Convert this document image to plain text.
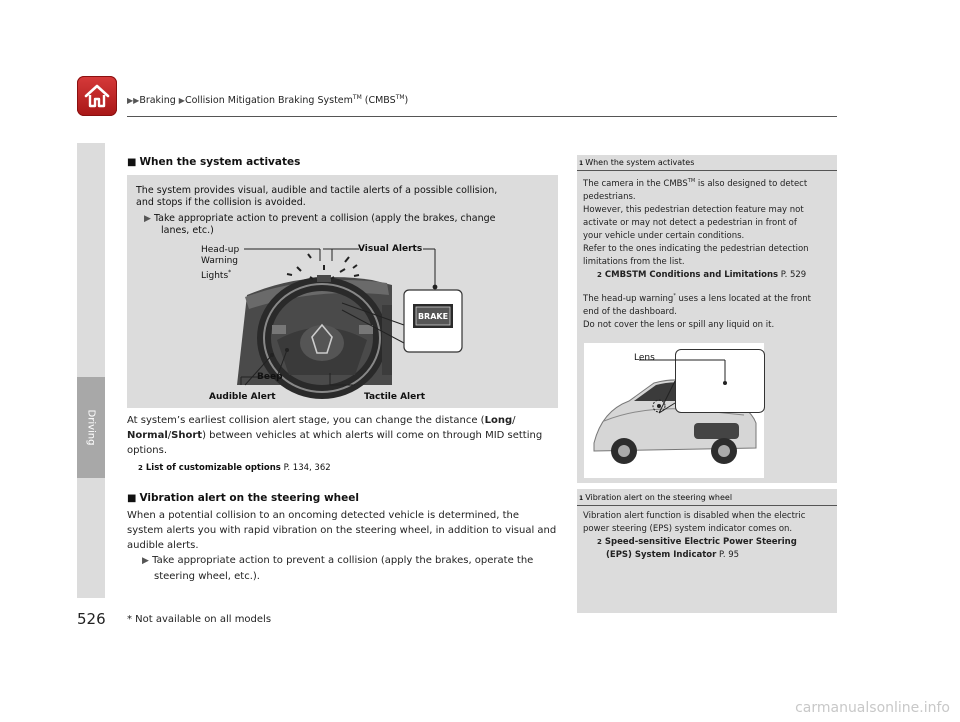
▶▶Braking ▶Collision Mitigation Braking System™ (CMBS™)
Driving
■ When the system activates
The system provides visual, audible and tactile alerts of a possible collision,
and stops if the collision is avoided.
▶ Take appropriate action to prevent a collision (apply the brakes, change
lanes, etc.)
Head-up
Warning
Lights*
Visual Alerts
BRAKE
Beep
Audible Alert	Tactile Alert
At system’s earliest collision alert stage, you can change the distance (Long/
Normal/Short) between vehicles at which alerts will come on through MID setting
options.
2 List of customizable options P. 134, 362
■ Vibration alert on the steering wheel
When a potential collision to an oncoming detected vehicle is determined, the
system alerts you with rapid vibration on the steering wheel, in addition to visual and
audible alerts.
▶ Take appropriate action to prevent a collision (apply the brakes, operate the
steering wheel, etc.).
1 When the system activates
The camera in the CMBS™ is also designed to detect
pedestrians.
However, this pedestrian detection feature may not
activate or may not detect a pedestrian in front of
your vehicle under certain conditions.
Refer to the ones indicating the pedestrian detection
limitations from the list.
2 CMBSTM Conditions and Limitations P. 529
The head-up warning* uses a lens located at the front
end of the dashboard.
Do not cover the lens or spill any liquid on it.
Lens
1 Vibration alert on the steering wheel
Vibration alert function is disabled when the electric
power steering (EPS) system indicator comes on.
2 Speed-sensitive Electric Power Steering
(EPS) System Indicator P. 95
526 * Not available on all models
carmanualsonline.info
